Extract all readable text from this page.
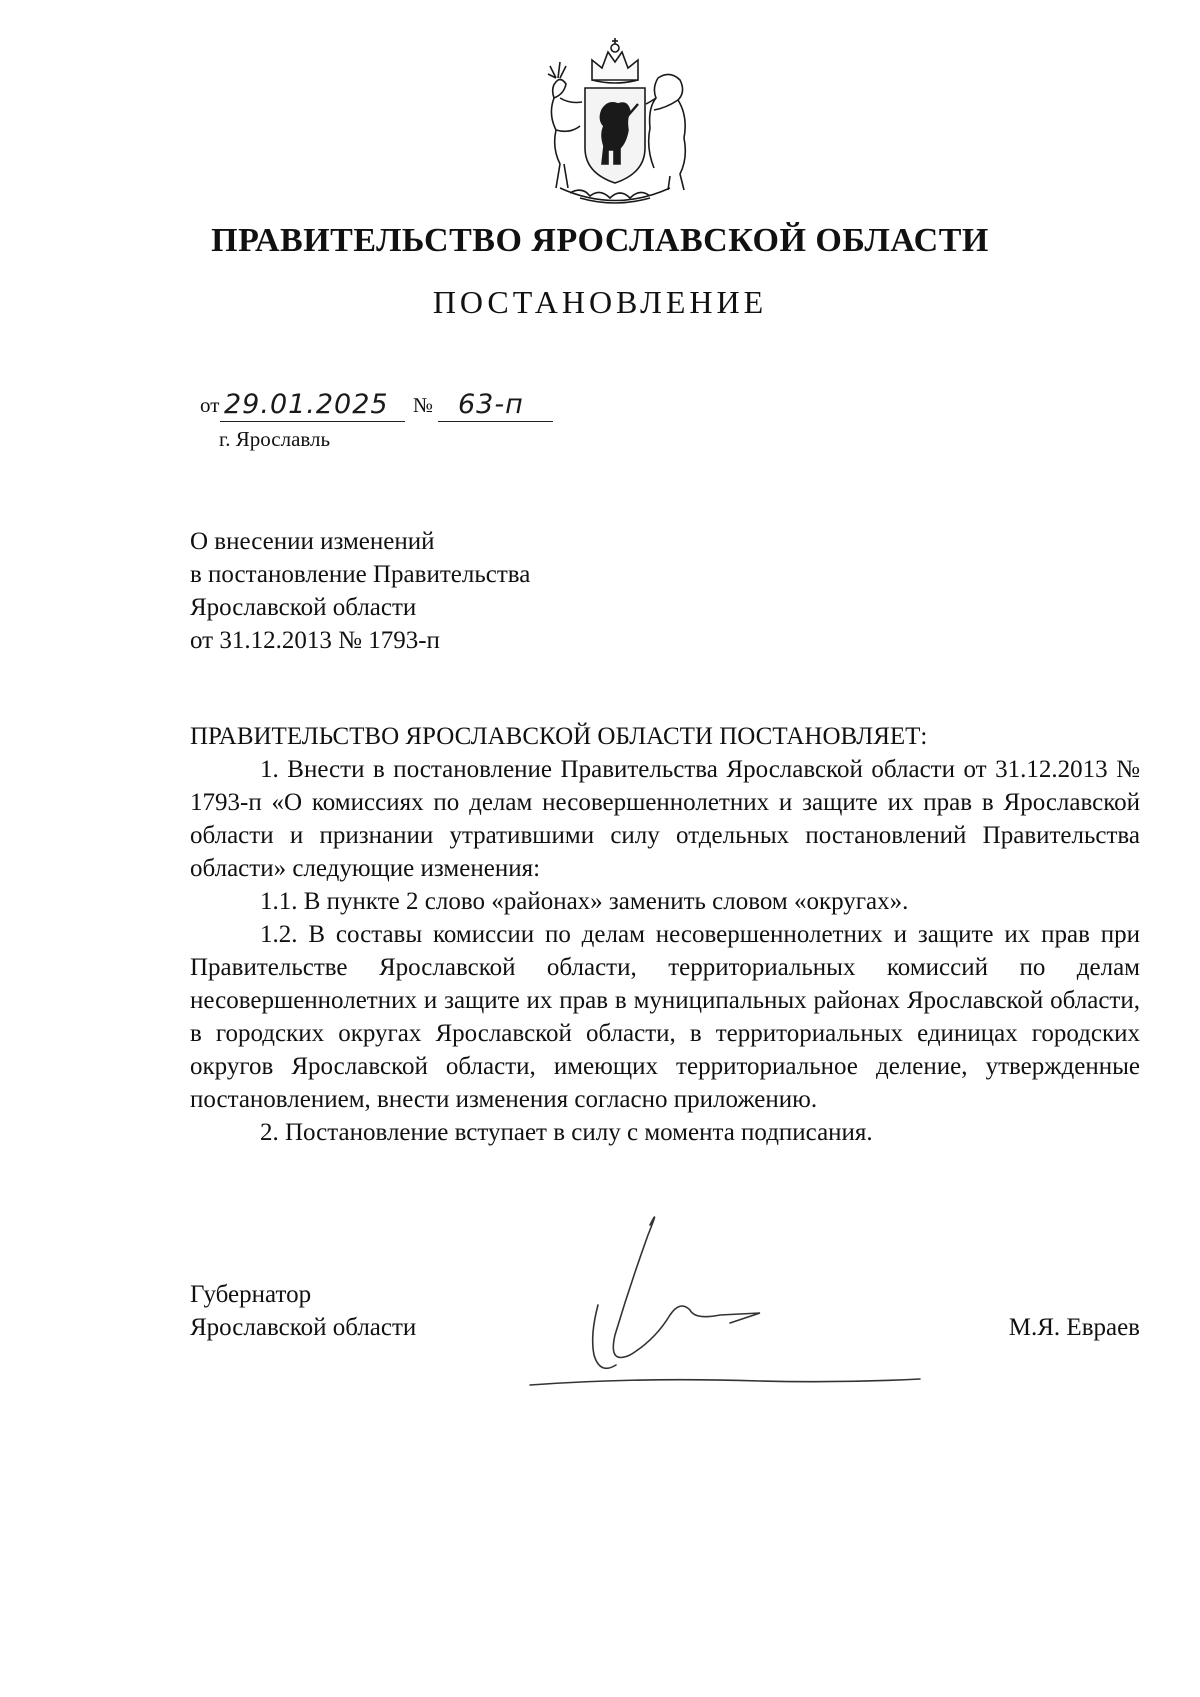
ПРАВИТЕЛЬСТВО ЯРОСЛАВСКОЙ ОБЛАСТИ
ПОСТАНОВЛЕНИЕ
от 29.01.2025 № 63-п
г. Ярославль
О внесении изменений
в постановление Правительства
Ярославской области
от 31.12.2013 № 1793-п
ПРАВИТЕЛЬСТВО ЯРОСЛАВСКОЙ ОБЛАСТИ ПОСТАНОВЛЯЕТ:

1. Внести в постановление Правительства Ярославской области от 31.12.2013 № 1793-п «О комиссиях по делам несовершеннолетних и защите их прав в Ярославской области и признании утратившими силу отдельных постановлений Правительства области» следующие изменения:

1.1. В пункте 2 слово «районах» заменить словом «округах».

1.2. В составы комиссии по делам несовершеннолетних и защите их прав при Правительстве Ярославской области, территориальных комиссий по делам несовершеннолетних и защите их прав в муниципальных районах Ярославской области, в городских округах Ярославской области, в территориальных единицах городских округов Ярославской области, имеющих территориальное деление, утвержденные постановлением, внести изменения согласно приложению.

2. Постановление вступает в силу с момента подписания.

Губернатор
Ярославской области	М.Я. Евраев
